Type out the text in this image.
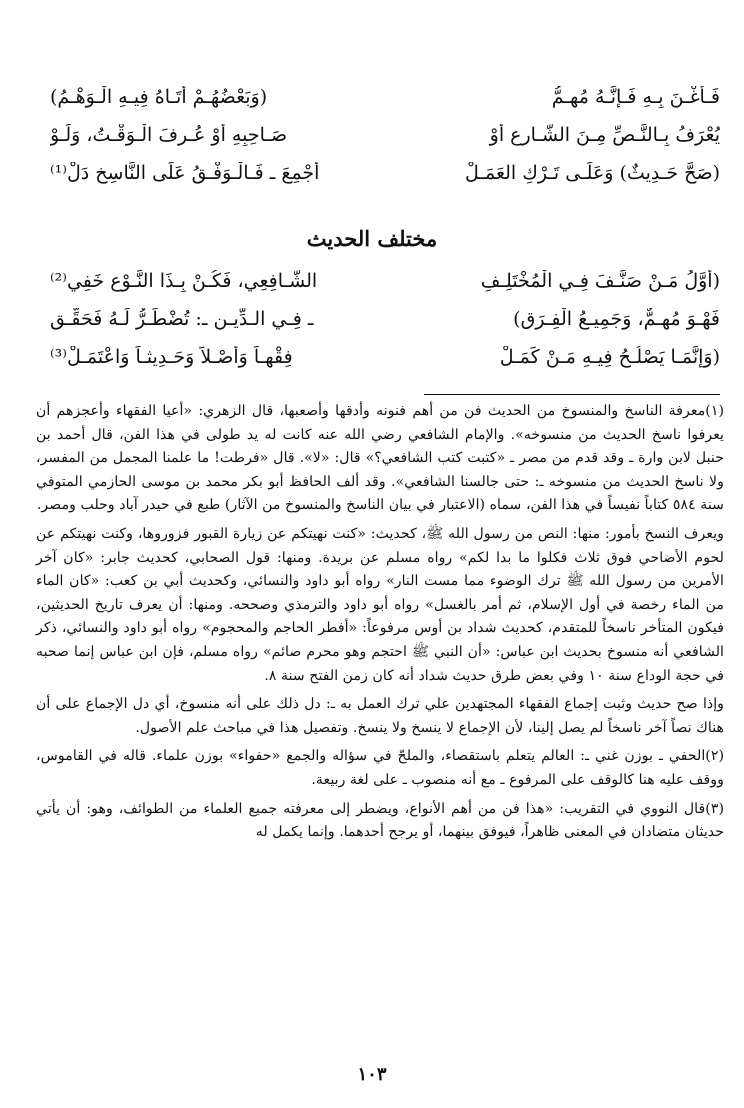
فَـأغْـنَ بِـهِ فَـإنَّـهُ مُهِـمُّ
(وَبَعْضُهُـمْ أتَـاهُ فِيـهِ الْـوَهْـمُ)
يُعْرَفُ بِـالنَّـصِّ مِـنَ الشَّـارِعِ أوْ
صَـاحِبِهِ أوْ عُـرِفَ الْـوَقْـتُ، وَلَـوْ
(صَحَّ حَـدِيثٌ) وَعَلَـى تَـرْكِ العَمَـلْ
أُجْمِعَ ـ فَـالْـوَفْـقُ عَلَى النَّاسِخِ دَلْ⁽¹⁾
مختلف الحديث
(أوَّلُ مَـنْ صَنَّـفَ فِـي الْمُخْتَلِـفِ
الشَّـافِعِي، فَكُـنْ بِـذَا النَّـوْعِ خَفِي⁽²⁾
فَهْـوَ مُهِـمٌّ، وَجَمِيـعُ الْفِـرَقِ)
ـ فِـي الـدِّيـنِ ـ: تُضْطَـرُّ لَـهُ فَحَقِّـقِ
(وَإنَّمَـا يَصْلُـحُ فِيـهِ مَـنْ كَمَـلْ
فِقْهـاً وَأصْـلاً وَحَـدِيثـاً وَاعْتَمَـلْ⁽³⁾

(١)معرفة الناسخ والمنسوخ من الحديث فن من أهم فنونه وأدقها وأصعبها، قال الزهري: «أعيا الفقهاء وأعجزهم أن يعرفوا ناسخ الحديث من منسوخه». والإمام الشافعي رضي الله عنه كانت له يد طولى في هذا الفن، قال أحمد بن حنبل لابن وارة ـ وقد قدم من مصر ـ «كتبت كتب الشافعي؟» قال: «لا». قال «فرطت! ما علمنا المجمل من المفسر، ولا ناسخ الحديث من منسوخه ـ: حتى جالسنا الشافعي». وقد ألف الحافظ أبو بكر محمد بن موسى الحازمي المتوفي سنة ٥٨٤ كتاباً نفيساً في هذا الفن، سماه (الاعتبار في بيان الناسخ والمنسوخ من الآثار) طبع في حيدر آباد وحلب ومصر.

ويعرف النسخ بأمور: منها: النص من رسول الله ﷺ، كحديث: «كنت نهيتكم عن زيارة القبور فزوروها، وكنت نهيتكم عن لحوم الأضاحي فوق ثلاث فكلوا ما بدا لكم» رواه مسلم عن بريدة. ومنها: قول الصحابي، كحديث جابر: «كان آخر الأمرين من رسول الله ﷺ ترك الوضوء مما مست النار» رواه أبو داود والنسائي، وكحديث أبي بن كعب: «كان الماء من الماء رخصة في أول الإسلام، ثم أمر بالغسل» رواه أبو داود والترمذي وصححه. ومنها: أن يعرف تاريخ الحديثين، فيكون المتأخر ناسخاً للمتقدم، كحديث شداد بن أوس مرفوعاً: «أفطر الحاجم والمحجوم» رواه أبو داود والنسائي، ذكر الشافعي أنه منسوخ بحديث ابن عباس: «أن النبي ﷺ احتجم وهو محرم صائم» رواه مسلم، فإن ابن عباس إنما صحبه في حجة الوداع سنة ١٠ وفي بعض طرق حديث شداد أنه كان زمن الفتح سنة ٨.

وإذا صح حديث وثبت إجماع الفقهاء المجتهدين علي ترك العمل به ـ: دل ذلك على أنه منسوخ، أي دل الإجماع على أن هناك نصاً آخر ناسخاً لم يصل إلينا، لأن الإجماع لا ينسخ ولا ينسخ. وتفصيل هذا في مباحث علم الأصول.

(٢)الحفي ـ بوزن غني ـ: العالم يتعلم باستقصاء، والملحّ في سؤاله والجمع «حفواء» بوزن علماء. قاله في القاموس، ووقف عليه هنا كالوقف على المرفوع ـ مع أنه منصوب ـ على لغة ربيعة.

(٣)قال النووي في التقريب: «هذا فن من أهم الأنواع، ويضطر إلى معرفته جميع العلماء من الطوائف، وهو: أن يأتي حديثان متضادان في المعنى ظاهراً، فيوفق بينهما، أو يرجح أحدهما. وإنما يكمل له

١٠٣
